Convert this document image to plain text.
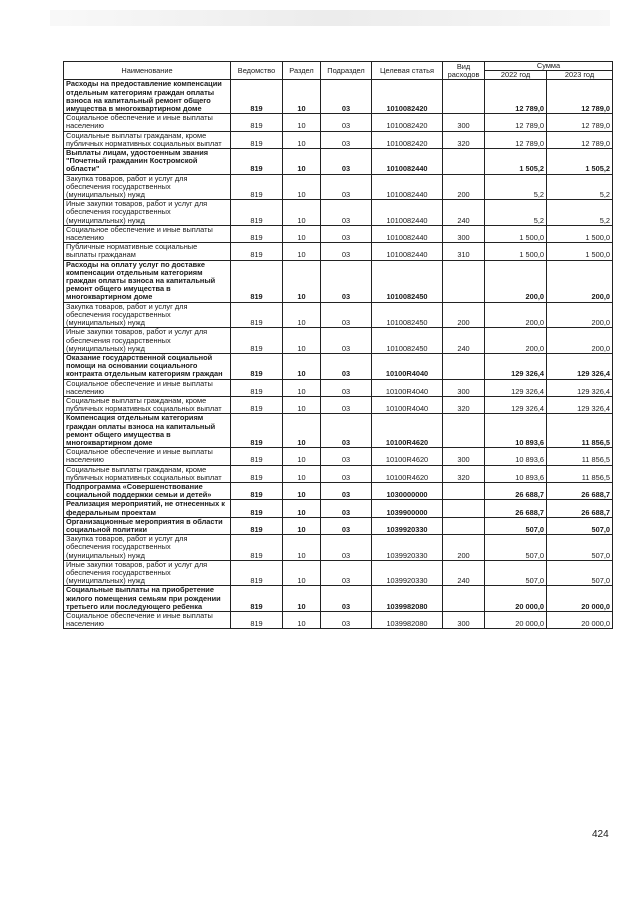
Наименование	Ведомство	Раздел	Подраздел	Целевая статья	Вид расходов	Сумма	
						2022 год	2023 год
Расходы на предоставление компенсации отдельным категориям граждан оплаты взноса на капитальный ремонт общего имущества в многоквартирном доме	819	10	03	1010082420		12 789,0	12 789,0
Социальное обеспечение и иные выплаты населению	819	10	03	1010082420	300	12 789,0	12 789,0
Социальные выплаты гражданам, кроме публичных нормативных социальных выплат	819	10	03	1010082420	320	12 789,0	12 789,0
Выплаты лицам, удостоенным звания "Почетный гражданин Костромской области"	819	10	03	1010082440		1 505,2	1 505,2
Закупка товаров, работ и услуг для обеспечения государственных (муниципальных) нужд	819	10	03	1010082440	200	5,2	5,2
Иные закупки товаров, работ и услуг для обеспечения государственных (муниципальных) нужд	819	10	03	1010082440	240	5,2	5,2
Социальное обеспечение и иные выплаты населению	819	10	03	1010082440	300	1 500,0	1 500,0
Публичные нормативные социальные выплаты гражданам	819	10	03	1010082440	310	1 500,0	1 500,0
Расходы на оплату услуг по доставке компенсации отдельным категориям граждан оплаты взноса на капитальный ремонт общего имущества в многоквартирном доме	819	10	03	1010082450		200,0	200,0
Закупка товаров, работ и услуг для обеспечения государственных (муниципальных) нужд	819	10	03	1010082450	200	200,0	200,0
Иные закупки товаров, работ и услуг для обеспечения государственных (муниципальных) нужд	819	10	03	1010082450	240	200,0	200,0
Оказание государственной социальной помощи на основании социального контракта отдельным категориям граждан	819	10	03	10100R4040		129 326,4	129 326,4
Социальное обеспечение и иные выплаты населению	819	10	03	10100R4040	300	129 326,4	129 326,4
Социальные выплаты гражданам, кроме публичных нормативных социальных выплат	819	10	03	10100R4040	320	129 326,4	129 326,4
Компенсация отдельным категориям граждан оплаты взноса на капитальный ремонт общего имущества в многоквартирном доме	819	10	03	10100R4620		10 893,6	11 856,5
Социальное обеспечение и иные выплаты населению	819	10	03	10100R4620	300	10 893,6	11 856,5
Социальные выплаты гражданам, кроме публичных нормативных социальных выплат	819	10	03	10100R4620	320	10 893,6	11 856,5
Подпрограмма «Совершенствование социальной поддержки семьи и детей»	819	10	03	1030000000		26 688,7	26 688,7
Реализация мероприятий, не отнесенных к федеральным проектам	819	10	03	1039900000		26 688,7	26 688,7
Организационные мероприятия в области социальной политики	819	10	03	1039920330		507,0	507,0
Закупка товаров, работ и услуг для обеспечения государственных (муниципальных) нужд	819	10	03	1039920330	200	507,0	507,0
Иные закупки товаров, работ и услуг для обеспечения государственных (муниципальных) нужд	819	10	03	1039920330	240	507,0	507,0
Социальные выплаты на приобретение жилого помещения семьям при рождении третьего или последующего ребенка	819	10	03	1039982080		20 000,0	20 000,0
Социальное обеспечение и иные выплаты населению	819	10	03	1039982080	300	20 000,0	20 000,0
424
